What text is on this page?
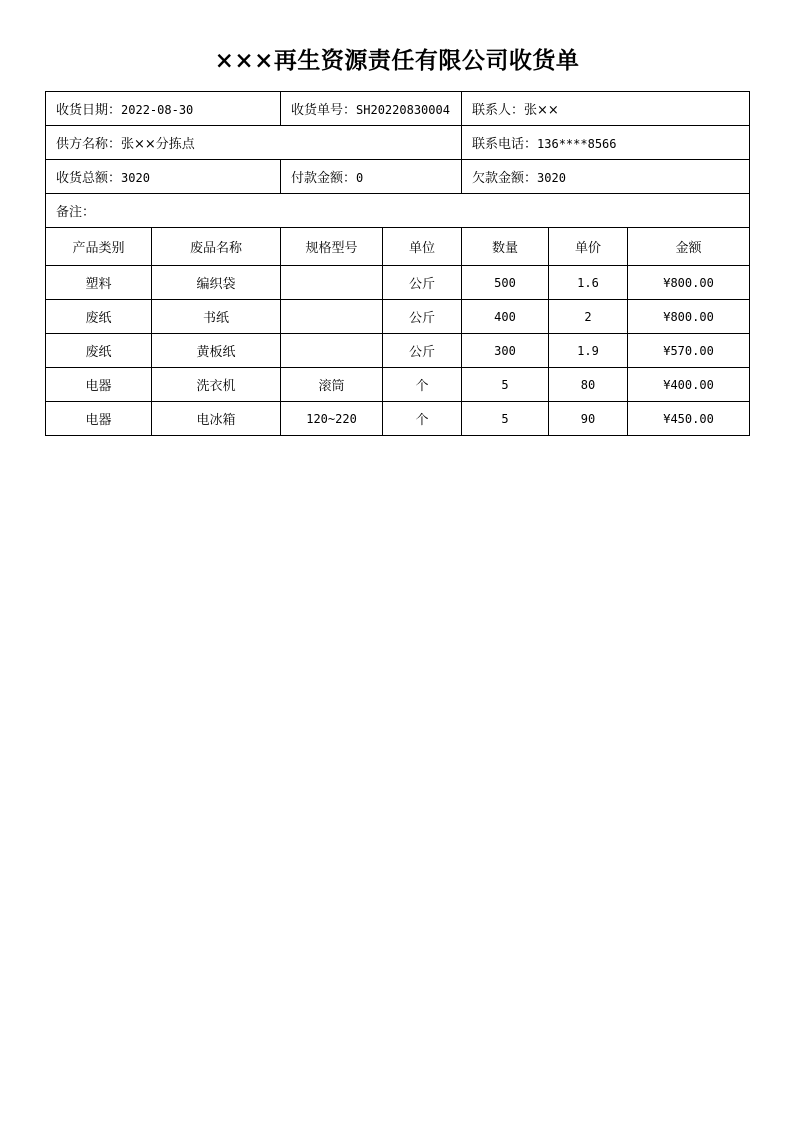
×××再生资源责任有限公司收货单
收货日期：2022-08-30		收货单号：SH20220830004		联系人：张××		
供方名称：张××分拣点				联系电话：136****8566		
收货总额：3020		付款金额：0		欠款金额：3020		
备注：						
产品类别	废品名称	规格型号	单位	数量	单价	金额
塑料	编织袋		公斤	500	1.6	¥800.00
废纸	书纸		公斤	400	2	¥800.00
废纸	黄板纸		公斤	300	1.9	¥570.00
电器	洗衣机	滚筒	个	5	80	¥400.00
电器	电冰箱	120~220	个	5	90	¥450.00
